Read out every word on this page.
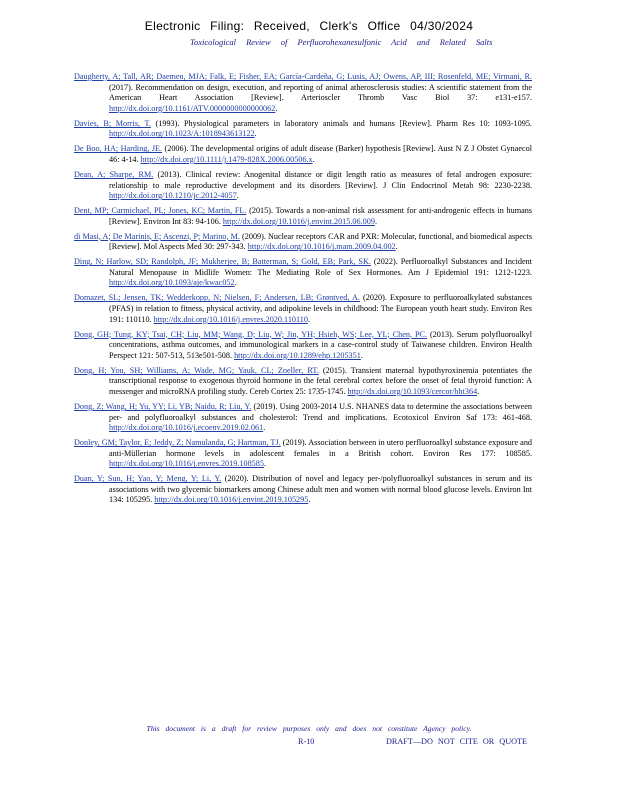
Electronic Filing: Received, Clerk's Office 04/30/2024
Toxicological Review of Perfluorohexanesulfonic Acid and Related Salts

Daugherty, A; Tall, AR; Daemen, MJA; Falk, E; Fisher, EA; García-Cardeña, G; Lusis, AJ; Owens, AP, III; Rosenfeld, ME; Virmani, R. (2017). Recommendation on design, execution, and reporting of animal atherosclerosis studies: A scientific statement from the American Heart Association [Review]. Arterioscler Thromb Vasc Biol 37: e131-e157. http://dx.doi.org/10.1161/ATV.0000000000000062.

Davies, B; Morris, T. (1993). Physiological parameters in laboratory animals and humans [Review]. Pharm Res 10: 1093-1095. http://dx.doi.org/10.1023/A:1018943613122.

De Boo, HA; Harding, JE. (2006). The developmental origins of adult disease (Barker) hypothesis [Review]. Aust N Z J Obstet Gynaecol 46: 4-14. http://dx.doi.org/10.1111/j.1479-828X.2006.00506.x.

Dean, A; Sharpe, RM. (2013). Clinical review: Anogenital distance or digit length ratio as measures of fetal androgen exposure: relationship to male reproductive development and its disorders [Review]. J Clin Endocrinol Metab 98: 2230-2238. http://dx.doi.org/10.1210/jc.2012-4057.

Dent, MP; Carmichael, PL; Jones, KC; Martin, FL. (2015). Towards a non-animal risk assessment for anti-androgenic effects in humans [Review]. Environ Int 83: 94-106. http://dx.doi.org/10.1016/j.envint.2015.06.009.

di Masi, A; De Marinis, E; Ascenzi, P; Marino, M. (2009). Nuclear receptors CAR and PXR: Molecular, functional, and biomedical aspects [Review]. Mol Aspects Med 30: 297-343. http://dx.doi.org/10.1016/j.mam.2009.04.002.

Ding, N; Harlow, SD; Randolph, JF; Mukherjee, B; Batterman, S; Gold, EB; Park, SK. (2022). Perfluoroalkyl Substances and Incident Natural Menopause in Midlife Women: The Mediating Role of Sex Hormones. Am J Epidemiol 191: 1212-1223. http://dx.doi.org/10.1093/aje/kwac052.

Domazet, SL; Jensen, TK; Wedderkopp, N; Nielsen, F; Andersen, LB; Grøntved, A. (2020). Exposure to perfluoroalkylated substances (PFAS) in relation to fitness, physical activity, and adipokine levels in childhood: The European youth heart study. Environ Res 191: 110110. http://dx.doi.org/10.1016/j.envres.2020.110110.

Dong, GH; Tung, KY; Tsai, CH; Liu, MM; Wang, D; Liu, W; Jin, YH; Hsieh, WS; Lee, YL; Chen, PC. (2013). Serum polyfluoroalkyl concentrations, asthma outcomes, and immunological markers in a case-control study of Taiwanese children. Environ Health Perspect 121: 507-513, 513e501-508. http://dx.doi.org/10.1289/ehp.1205351.

Dong, H; You, SH; Williams, A; Wade, MG; Yauk, CL; Zoeller, RT. (2015). Transient maternal hypothyroxinemia potentiates the transcriptional response to exogenous thyroid hormone in the fetal cerebral cortex before the onset of fetal thyroid function: A messenger and microRNA profiling study. Cereb Cortex 25: 1735-1745. http://dx.doi.org/10.1093/cercor/bht364.

Dong, Z; Wang, H; Yu, YY; Li, YB; Naidu, R; Liu, Y. (2019). Using 2003-2014 U.S. NHANES data to determine the associations between per- and polyfluoroalkyl substances and cholesterol: Trend and implications. Ecotoxicol Environ Saf 173: 461-468. http://dx.doi.org/10.1016/j.ecoenv.2019.02.061.

Donley, GM; Taylor, E; Jeddy, Z; Namulanda, G; Hartman, TJ. (2019). Association between in utero perfluoroalkyl substance exposure and anti-Müllerian hormone levels in adolescent females in a British cohort. Environ Res 177: 108585. http://dx.doi.org/10.1016/j.envres.2019.108585.

Duan, Y; Sun, H; Yao, Y; Meng, Y; Li, Y. (2020). Distribution of novel and legacy per-/polyfluoroalkyl substances in serum and its associations with two glycemic biomarkers among Chinese adult men and women with normal blood glucose levels. Environ Int 134: 105295. http://dx.doi.org/10.1016/j.envint.2019.105295.

This document is a draft for review purposes only and does not constitute Agency policy.
R-10	DRAFT—DO NOT CITE OR QUOTE
